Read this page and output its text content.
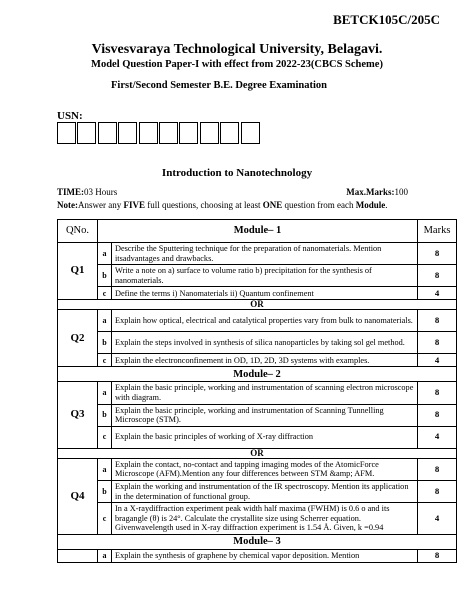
BETCK105C/205C
Visvesvaraya Technological University, Belagavi.
Model Question Paper-I with effect from 2022-23(CBCS Scheme)
First/Second Semester B.E. Degree Examination
USN:
Introduction to Nanotechnology
TIME:03 Hours	Max.Marks:100
Note:Answer any FIVE full questions, choosing at least ONE question from each Module.
QNo.	Module– 1		Marks
Q1	a	Describe the Sputtering technique for the preparation of nanomaterials. Mention itsadvantages and drawbacks.	8
	b	Write a note on a) surface to volume ratio b) precipitation for the synthesis of nanomaterials.	8
	c	Define the terms i) Nanomaterials ii) Quantum confinement	4
OR			
Q2	a	Explain how optical, electrical and catalytical properties vary from bulk to nanomaterials.	8
	b	Explain the steps involved in synthesis of silica nanoparticles by taking sol gel method.	8
	c	Explain the electronconfinement in OD, 1D, 2D, 3D systems with examples.	4
Module– 2			
Q3	a	Explain the basic principle, working and instrumentation of scanning electron microscope with diagram.	8
	b	Explain the basic principle, working and instrumentation of Scanning Tunnelling Microscope (STM).	8
	c	Explain the basic principles of working of X-ray diffraction	4
OR			
Q4	a	Explain the contact, no-contact and tapping imaging modes of the AtomicForce Microscope (AFM).Mention any four differences between STM &amp; AFM.	8
	b	Explain the working and instrumentation of the IR spectroscopy. Mention its application in the determination of functional group.	8
	c	In a X-raydiffraction experiment peak width half maxima (FWHM) is 0.6 o and its bragangle (θ) is 24°. Calculate the crystallite size using Scherrer equation. Givenwavelength used in X-ray diffraction experiment is 1.54 Å. Given, k =0.94	4
Module– 3			
	a	Explain the synthesis of graphene by chemical vapor deposition. Mention	8
